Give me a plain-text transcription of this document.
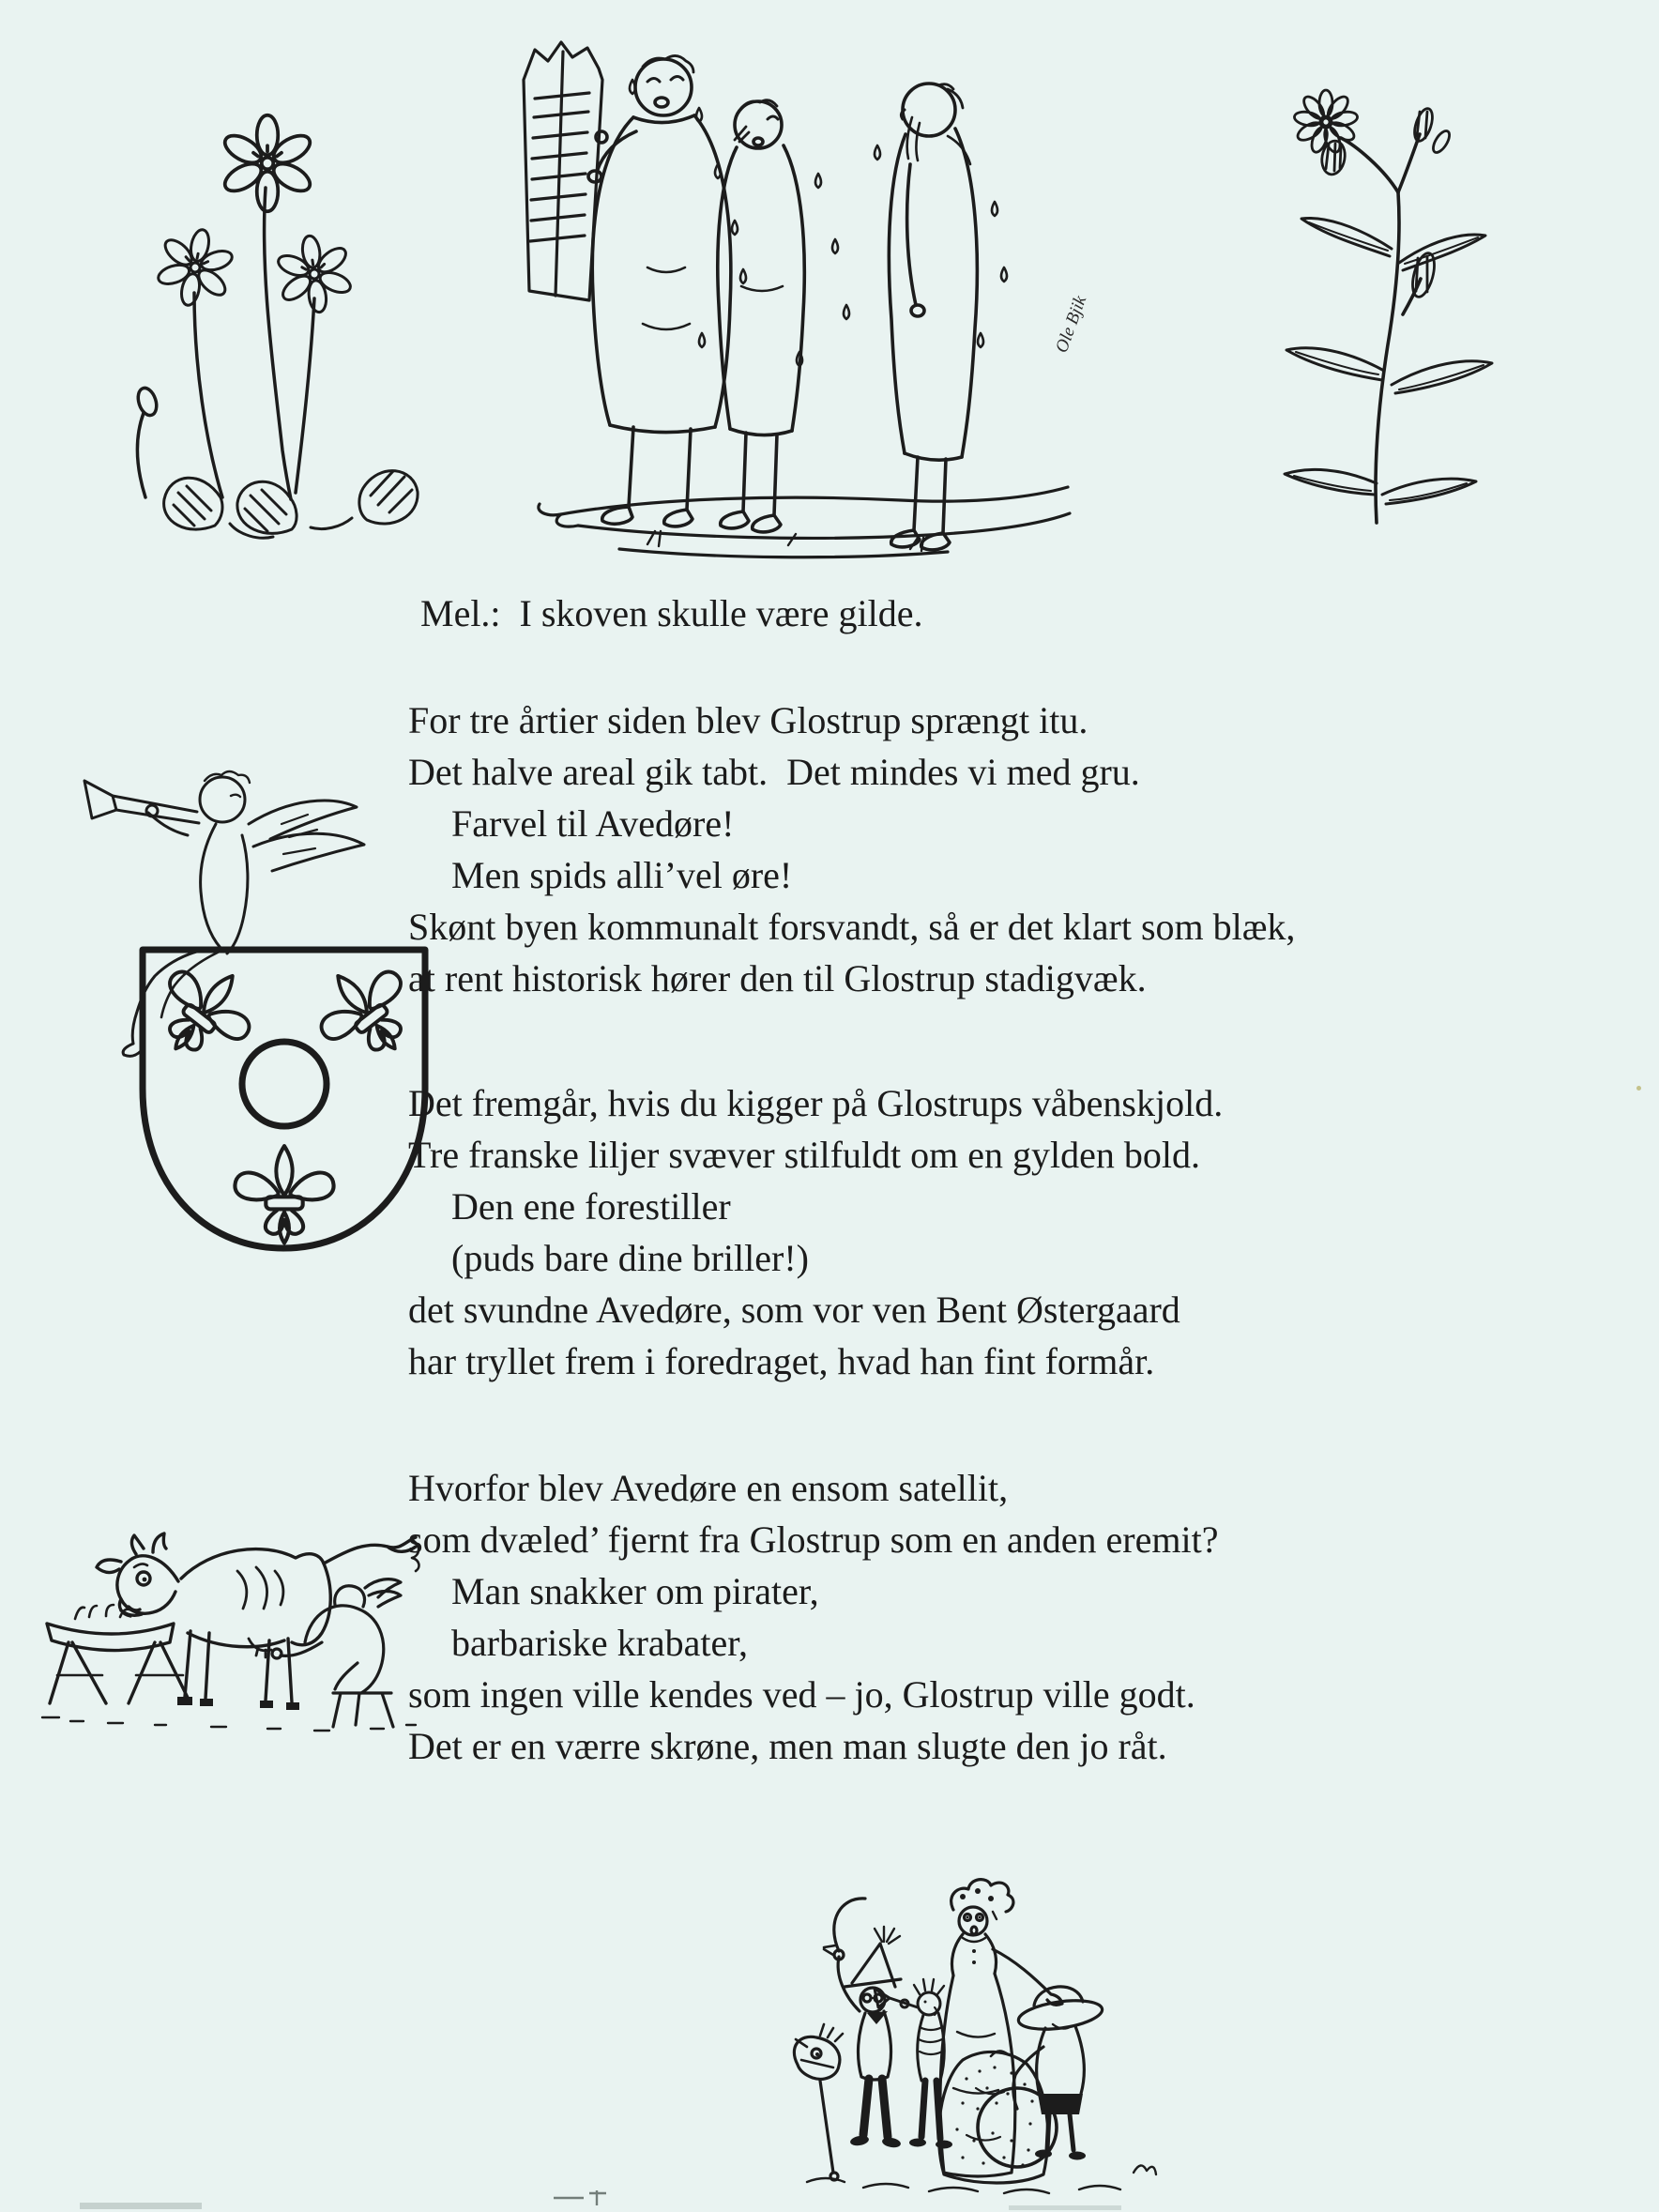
Ole Bjik
Mel.:  I skoven skulle være gilde.
For tre årtier siden blev Glostrup sprængt itu.
Det halve areal gik tabt.  Det mindes vi med gru.
Farvel til Avedøre!
Men spids alli’vel øre!
Skønt byen kommunalt forsvandt, så er det klart som blæk,
at rent historisk hører den til Glostrup stadigvæk.
Det fremgår, hvis du kigger på Glostrups våbenskjold.
Tre franske liljer svæver stilfuldt om en gylden bold.
Den ene forestiller
(puds bare dine briller!)
det svundne Avedøre, som vor ven Bent Østergaard
har tryllet frem i foredraget, hvad han fint formår.
Hvorfor blev Avedøre en ensom satellit,
som dvæled’ fjernt fra Glostrup som en anden eremit?
Man snakker om pirater,
barbariske krabater,
som ingen ville kendes ved – jo, Glostrup ville godt.
Det er en værre skrøne, men man slugte den jo råt.
